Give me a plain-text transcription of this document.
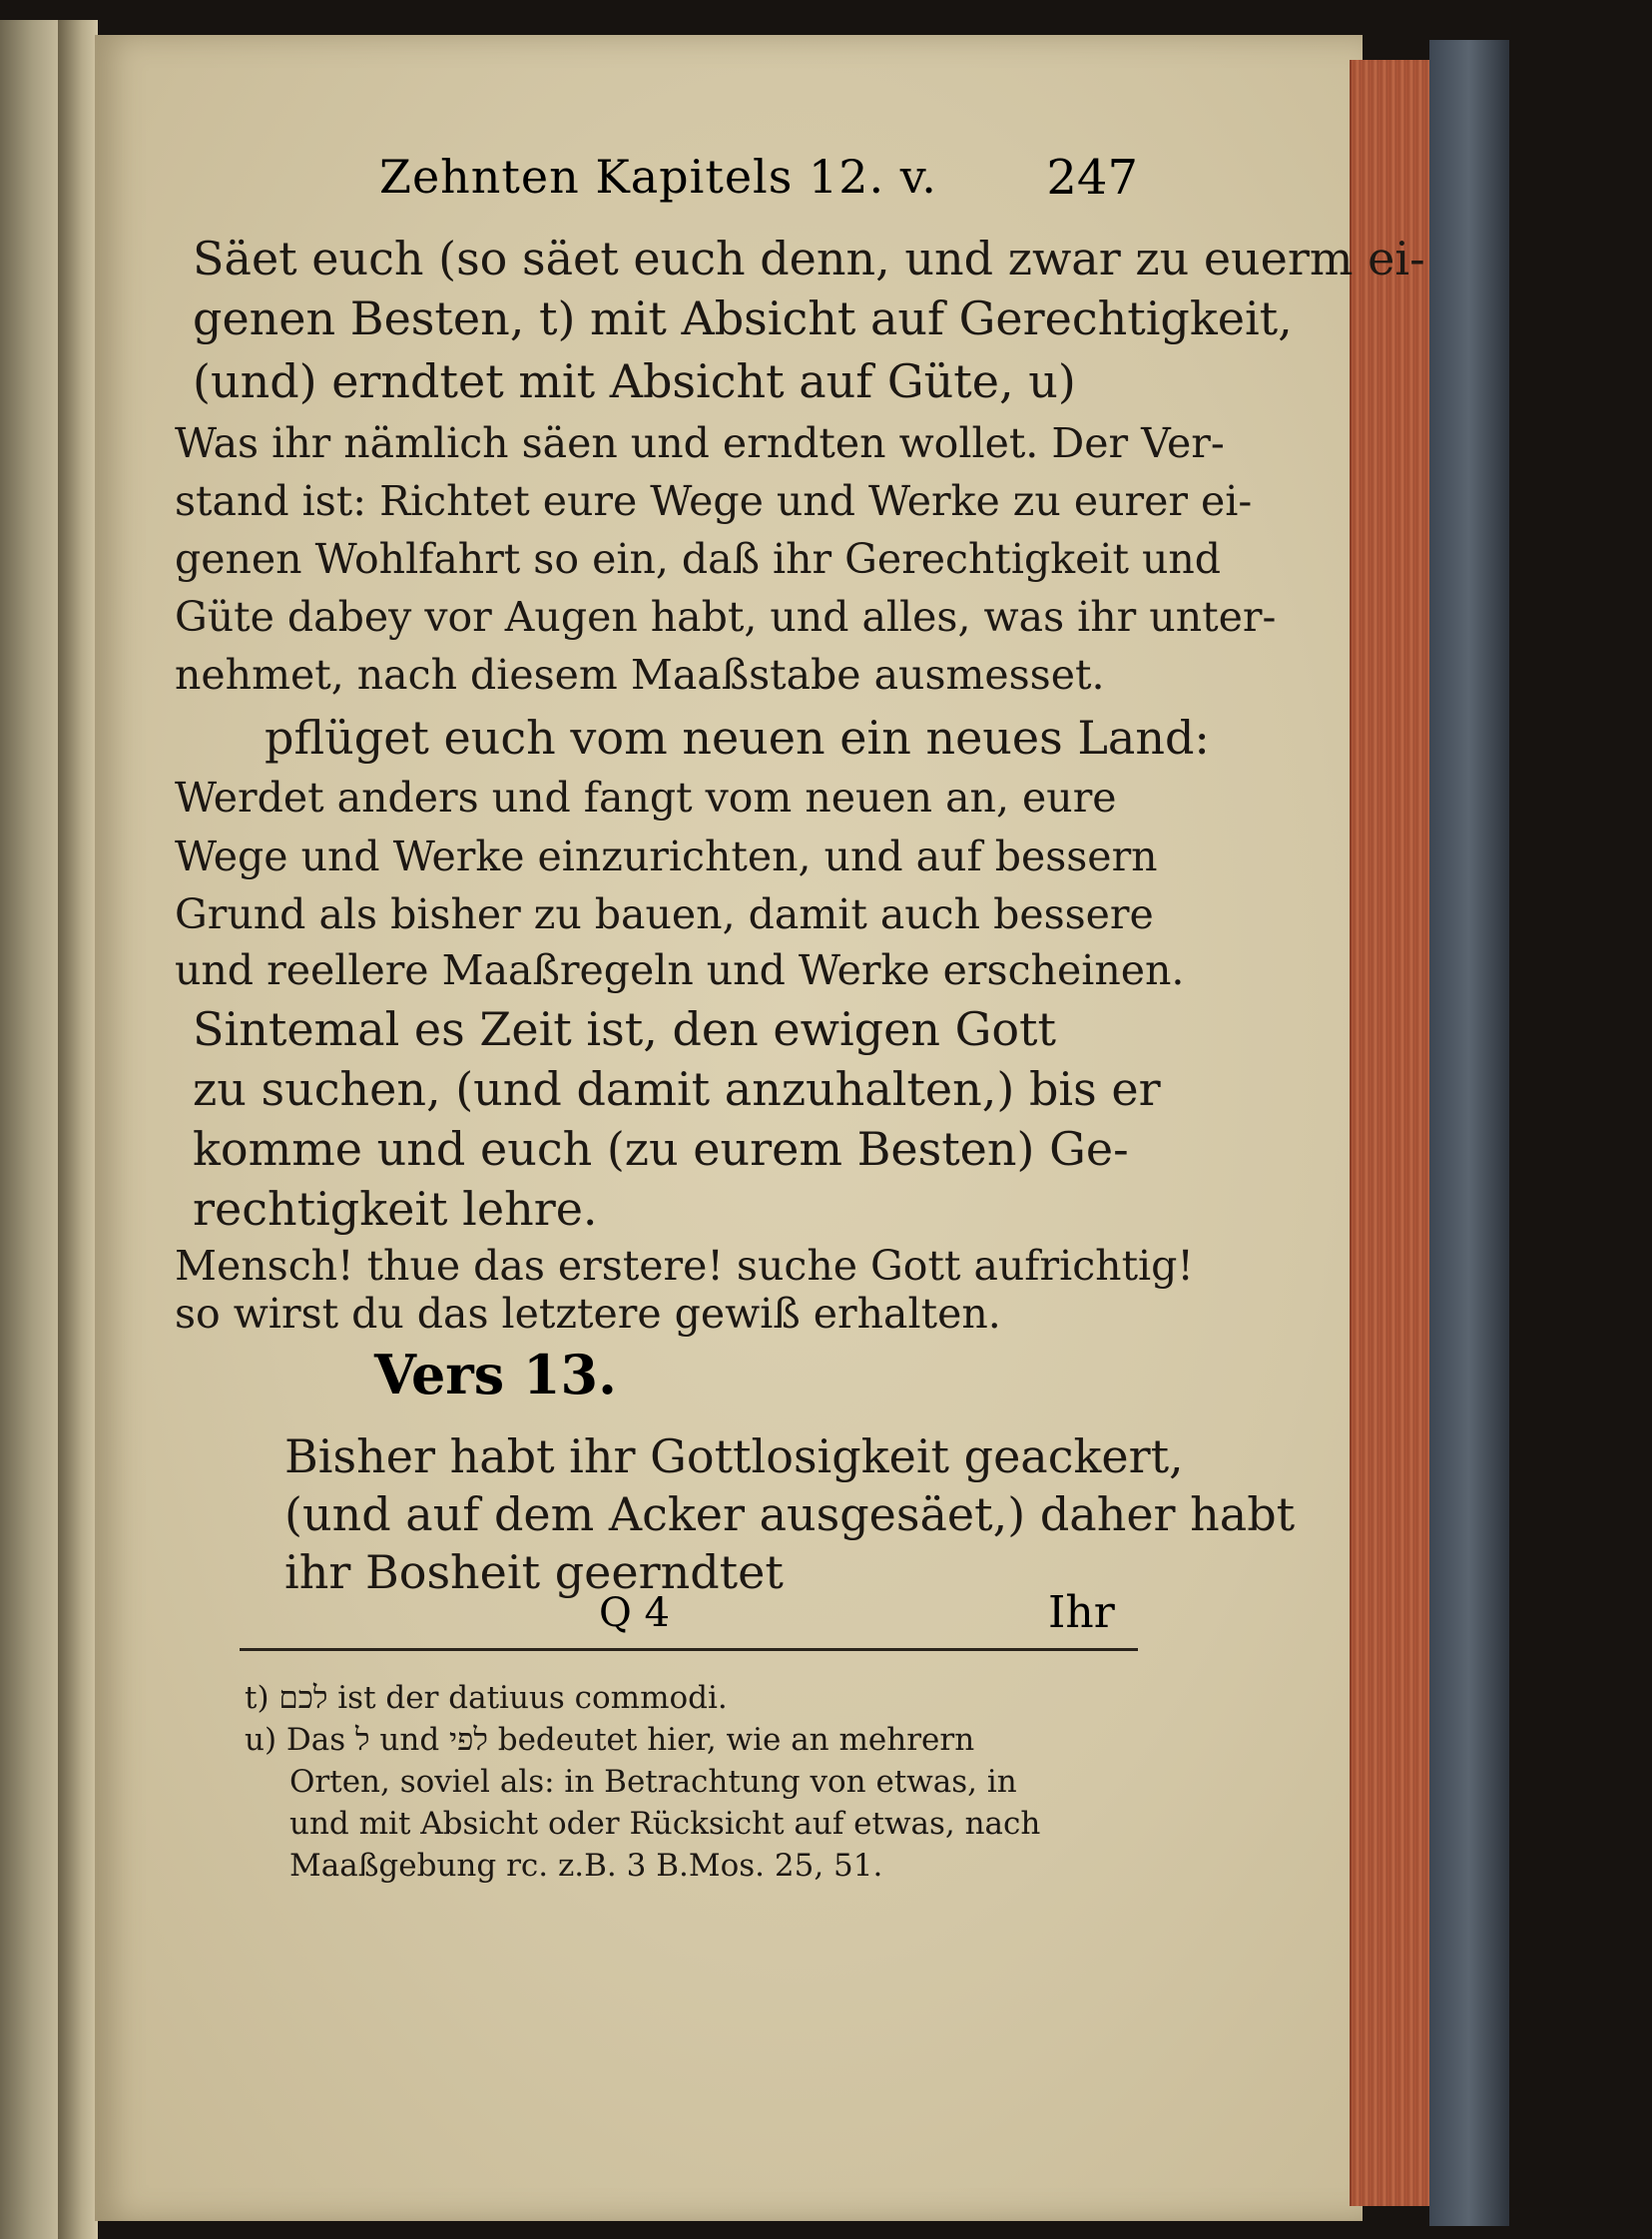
Zehnten Kapitels 12. v. 247
Säet euch (so säet euch denn, und zwar zu euerm ei-
genen Besten, t) mit Absicht auf Gerechtigkeit,
(und) erndtet mit Absicht auf Güte, u)
Was ihr nämlich säen und erndten wollet. Der Ver-
stand ist: Richtet eure Wege und Werke zu eurer ei-
genen Wohlfahrt so ein, daß ihr Gerechtigkeit und
Güte dabey vor Augen habt, und alles, was ihr unter-
nehmet, nach diesem Maaßstabe ausmesset.
pflüget euch vom neuen ein neues Land:
Werdet anders und fangt vom neuen an, eure
Wege und Werke einzurichten, und auf bessern
Grund als bisher zu bauen, damit auch bessere
und reellere Maaßregeln und Werke erscheinen.
Sintemal es Zeit ist, den ewigen Gott
zu suchen, (und damit anzuhalten,) bis er
komme und euch (zu eurem Besten) Ge-
rechtigkeit lehre.
Mensch! thue das erstere! suche Gott aufrichtig!
so wirst du das letztere gewiß erhalten.
Bisher habt ihr Gottlosigkeit geackert,
(und auf dem Acker ausgesäet,) daher habt
ihr Bosheit geerndtet
t) לכם ist der datiuus commodi.
u) Das ל und לפי bedeutet hier, wie an mehrern
Orten, soviel als: in Betrachtung von etwas, in
und mit Absicht oder Rücksicht auf etwas, nach
Maaßgebung rc. z.B. 3 B.Mos. 25, 51.
Vers 13.
Q 4	Ihr
